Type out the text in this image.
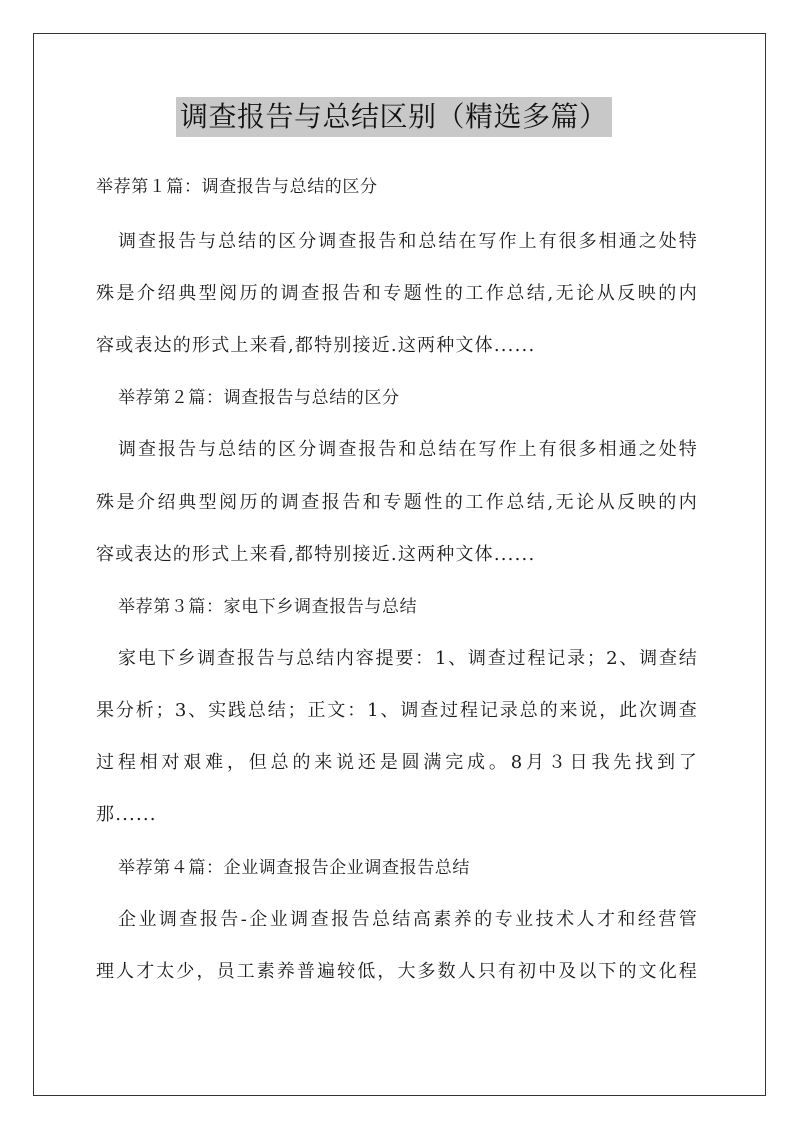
调查报告与总结区别（精选多篇）
举荐第１篇：调查报告与总结的区分
调查报告与总结的区分调查报告和总结在写作上有很多相通之处特
殊是介绍典型阅历的调查报告和专题性的工作总结,无论从反映的内
容或表达的形式上来看,都特别接近.这两种文体......
举荐第２篇：调查报告与总结的区分
调查报告与总结的区分调查报告和总结在写作上有很多相通之处特
殊是介绍典型阅历的调查报告和专题性的工作总结,无论从反映的内
容或表达的形式上来看,都特别接近.这两种文体......
举荐第３篇：家电下乡调查报告与总结
家电下乡调查报告与总结内容提要：1、调查过程记录；2、调查结
果分析；3、实践总结；正文：1、调查过程记录总的来说，此次调查
过程相对艰难，但总的来说还是圆满完成。8月３日我先找到了
那......
举荐第４篇：企业调查报告企业调查报告总结
企业调查报告-企业调查报告总结高素养的专业技术人才和经营管
理人才太少，员工素养普遍较低，大多数人只有初中及以下的文化程
